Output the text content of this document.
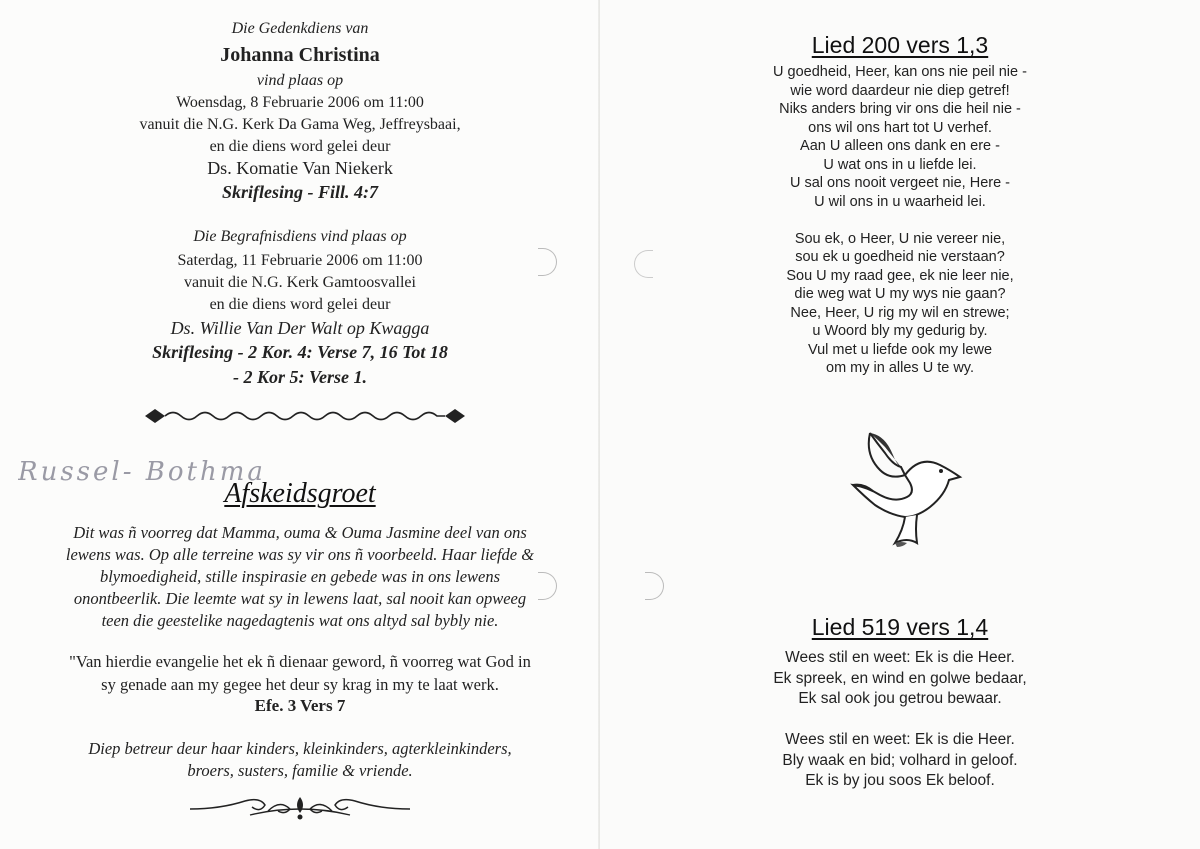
Die Gedenkdiens van
Johanna Christina
vind plaas op
Woensdag, 8 Februarie 2006 om 11:00
vanuit die N.G. Kerk Da Gama Weg, Jeffreysbaai,
en die diens word gelei deur
Ds. Komatie Van Niekerk
Skriflesing - Fill. 4:7
Die Begrafnisdiens vind plaas op
Saterdag, 11 Februarie 2006 om 11:00
vanuit die N.G. Kerk Gamtoosvallei
en die diens word gelei deur
Ds. Willie Van Der Walt op Kwagga
Skriflesing - 2 Kor. 4: Verse 7, 16 Tot 18
- 2 Kor 5: Verse 1.
Russel- Bothma
Afskeidsgroet
Dit was ñ voorreg dat Mamma, ouma & Ouma Jasmine deel van ons
lewens was. Op alle terreine was sy vir ons ñ voorbeeld. Haar liefde &
blymoedigheid, stille inspirasie en gebede was in ons lewens
onontbeerlik. Die leemte wat sy in lewens laat, sal nooit kan opweeg
teen die geestelike nagedagtenis wat ons altyd sal bybly nie.
"Van hierdie evangelie het ek ñ dienaar geword, ñ voorreg wat God in
sy genade aan my gegee het deur sy krag in my te laat werk.
Efe. 3 Vers 7
Diep betreur deur haar kinders, kleinkinders, agterkleinkinders,
broers, susters, familie & vriende.
Lied 200 vers 1,3
U goedheid, Heer, kan ons nie peil nie -
wie word daardeur nie diep getref!
Niks anders bring vir ons die heil nie -
ons wil ons hart tot U verhef.
Aan U alleen ons dank en ere -
U wat ons in u liefde lei.
U sal ons nooit vergeet nie, Here -
U wil ons in u waarheid lei.
Sou ek, o Heer, U nie vereer nie,
sou ek u goedheid nie verstaan?
Sou U my raad gee, ek nie leer nie,
die weg wat U my wys nie gaan?
Nee, Heer, U rig my wil en strewe;
u Woord bly my gedurig by.
Vul met u liefde ook my lewe
om my in alles U te wy.
Lied 519 vers 1,4
Wees stil en weet: Ek is die Heer.
Ek spreek, en wind en golwe bedaar,
Ek sal ook jou getrou bewaar.
Wees stil en weet: Ek is die Heer.
Bly waak en bid; volhard in geloof.
Ek is by jou soos Ek beloof.
